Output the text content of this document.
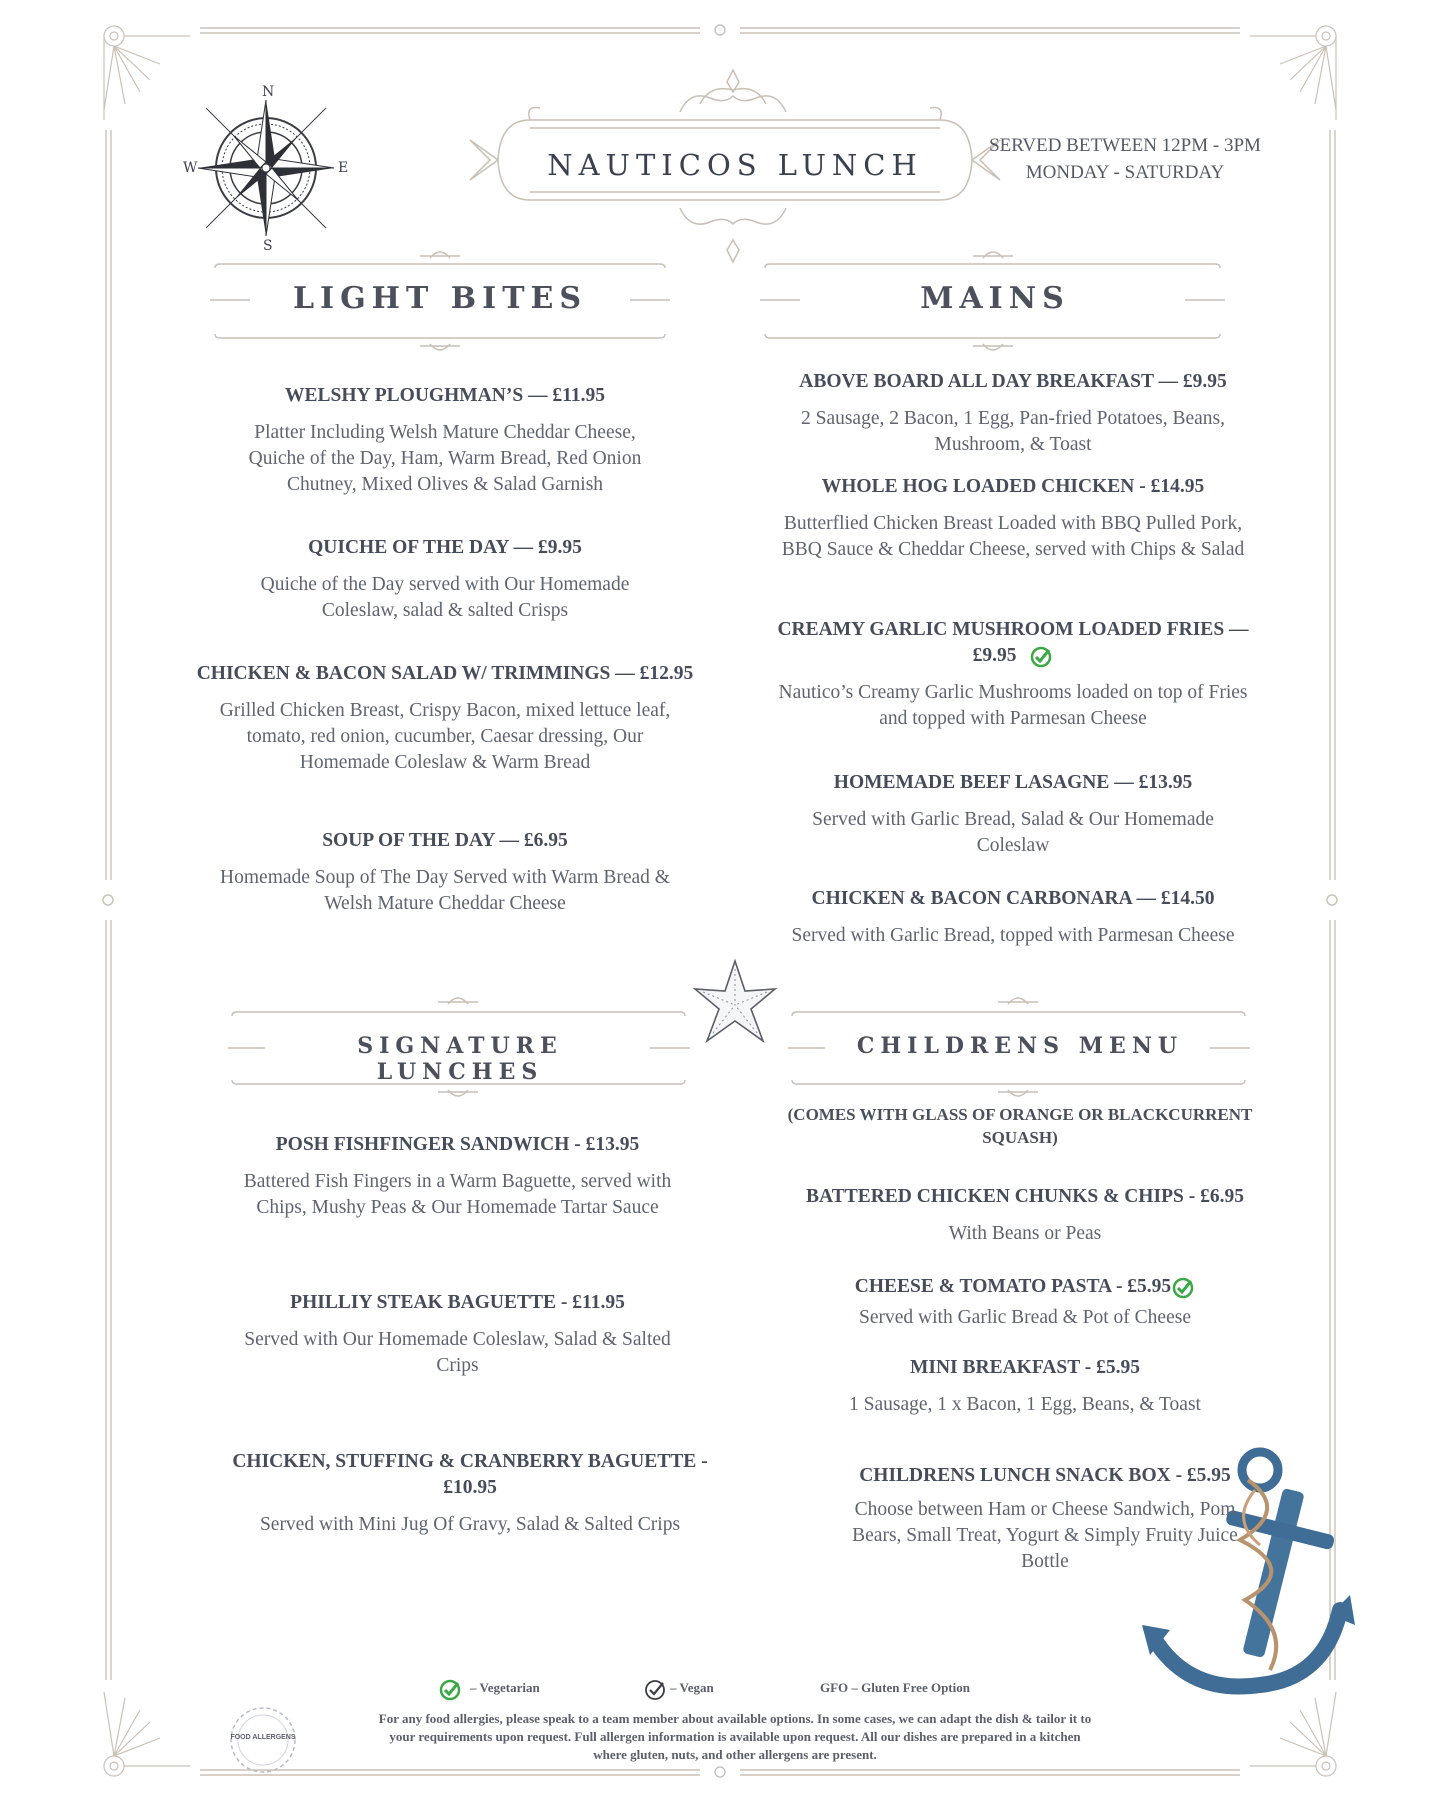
N
S
E
W	NAUTICOS LUNCH
SERVED BETWEEN 12PM - 3PM
MONDAY - SATURDAY
LIGHT BITES
WELSHY PLOUGHMAN’S — £11.95
Platter Including Welsh Mature Cheddar Cheese,
Quiche of the Day, Ham, Warm Bread, Red Onion
Chutney, Mixed Olives & Salad Garnish
QUICHE OF THE DAY — £9.95
Quiche of the Day served with Our Homemade
Coleslaw, salad & salted Crisps
CHICKEN & BACON SALAD W/ TRIMMINGS — £12.95
Grilled Chicken Breast, Crispy Bacon, mixed lettuce leaf,
tomato, red onion, cucumber, Caesar dressing, Our
Homemade Coleslaw & Warm Bread
SOUP OF THE DAY — £6.95
Homemade Soup of The Day Served with Warm Bread &
Welsh Mature Cheddar Cheese
MAINS
ABOVE BOARD ALL DAY BREAKFAST — £9.95
2 Sausage, 2 Bacon, 1 Egg, Pan-fried Potatoes, Beans,
Mushroom, & Toast
WHOLE HOG LOADED CHICKEN - £14.95
Butterflied Chicken Breast Loaded with BBQ Pulled Pork,
BBQ Sauce & Cheddar Cheese, served with Chips & Salad
CREAMY GARLIC MUSHROOM LOADED FRIES —
£9.95
Nautico’s Creamy Garlic Mushrooms loaded on top of Fries
and topped with Parmesan Cheese
HOMEMADE BEEF LASAGNE — £13.95
Served with Garlic Bread, Salad & Our Homemade
Coleslaw
CHICKEN & BACON CARBONARA — £14.50
Served with Garlic Bread, topped with Parmesan Cheese
SIGNATURE LUNCHES
POSH FISHFINGER SANDWICH - £13.95
Battered Fish Fingers in a Warm Baguette, served with
Chips, Mushy Peas & Our Homemade Tartar Sauce
PHILLIY STEAK BAGUETTE - £11.95
Served with Our Homemade Coleslaw, Salad & Salted
Crips
CHICKEN, STUFFING & CRANBERRY BAGUETTE -
£10.95
Served with Mini Jug Of Gravy, Salad & Salted Crips
CHILDRENS MENU
(COMES WITH GLASS OF ORANGE OR BLACKCURRENT
SQUASH)
BATTERED CHICKEN CHUNKS & CHIPS - £6.95
With Beans or Peas
CHEESE & TOMATO PASTA - £5.95
Served with Garlic Bread & Pot of Cheese
MINI BREAKFAST - £5.95
1 Sausage, 1 x Bacon, 1 Egg, Beans, & Toast
CHILDRENS LUNCH SNACK BOX - £5.95
Choose between Ham or Cheese Sandwich, Pom
Bears, Small Treat, Yogurt & Simply Fruity Juice
Bottle
– Vegetarian	– Vegan	GFO – Gluten Free Option
FOOD ALLERGENS
For any food allergies, please speak to a team member about available options. In some cases, we can adapt the dish & tailor it to
your requirements upon request. Full allergen information is available upon request. All our dishes are prepared in a kitchen
where gluten, nuts, and other allergens are present.
